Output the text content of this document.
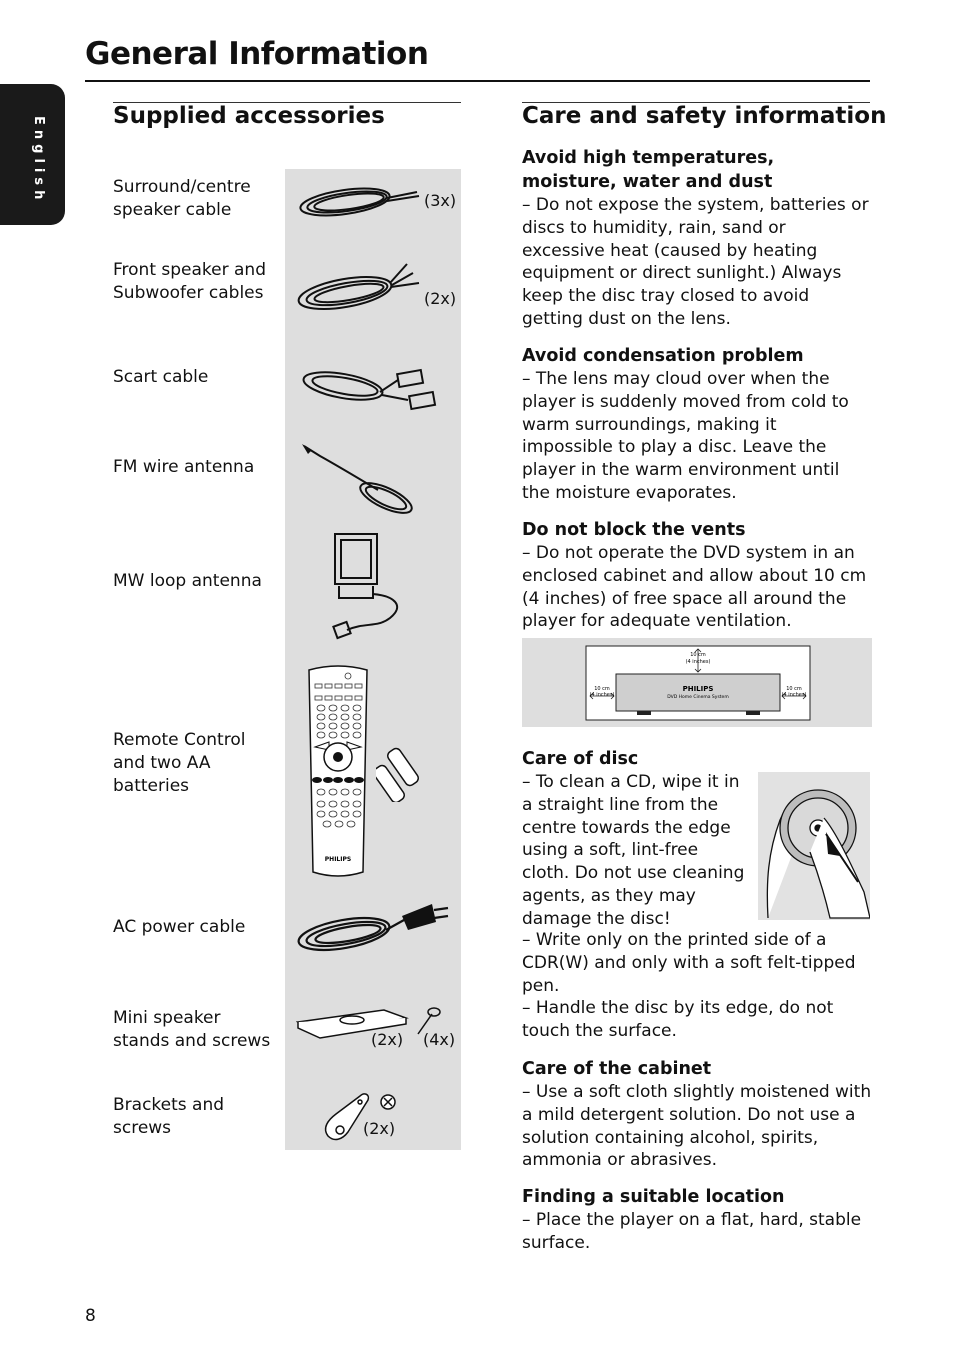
General Information
English	Supplied accessories
Surround/centre speaker cable
Front speaker and Subwoofer cables
Scart cable
FM wire antenna
MW loop antenna
Remote Control and two AA batteries
AC power cable
Mini speaker stands and screws
Brackets and screws
(3x)
(2x)
PHILIPS
(2x) (4x)
(2x)
Care and safety information
Avoid high temperatures, moisture, water and dust

– Do not expose the system, batteries or discs to humidity, rain, sand or excessive heat (caused by heating equipment or direct sunlight.) Always keep the disc tray closed to avoid getting dust on the lens.

Avoid condensation problem

– The lens may cloud over when the player is suddenly moved from cold to warm surroundings, making it impossible to play a disc. Leave the player in the warm environment until the moisture evaporates.

Do not block the vents

– Do not operate the DVD system in an enclosed cabinet and allow about 10 cm (4 inches) of free space all around the player for adequate ventilation.

10 cm
(4 inches)
10 cm
(4 inches)
10 cm
(4 inches)
PHILIPS
DVD Home Cinema System
Care of disc

– To clean a CD, wipe it in a straight line from the centre towards the edge using a soft, lint-free cloth. Do not use cleaning agents, as they may damage the disc!

– Write only on the printed side of a CDR(W) and only with a soft felt-tipped pen.

– Handle the disc by its edge, do not touch the surface.

Care of the cabinet

– Use a soft cloth slightly moistened with a mild detergent solution. Do not use a solution containing alcohol, spirits, ammonia or abrasives.

Finding a suitable location

– Place the player on a flat, hard, stable surface.

8
